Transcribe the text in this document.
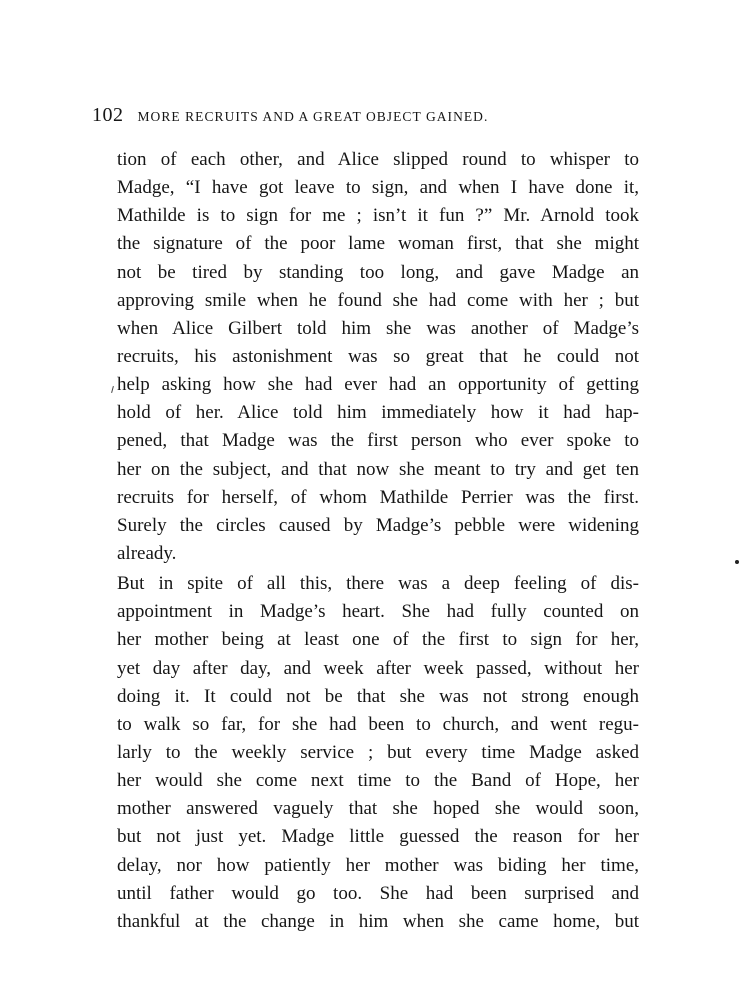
102 MORE RECRUITS AND A GREAT OBJECT GAINED.
tion of each other, and Alice slipped round to whisper to
Madge, “I have got leave to sign, and when I have done it,
Mathilde is to sign for me ; isn’t it fun ?” Mr. Arnold took
the signature of the poor lame woman first, that she might
not be tired by standing too long, and gave Madge an
approving smile when he found she had come with her ; but
when Alice Gilbert told him she was another of Madge’s
recruits, his astonishment was so great that he could not
help asking how she had ever had an opportunity of getting
hold of her. Alice told him immediately how it had hap-
pened, that Madge was the first person who ever spoke to
her on the subject, and that now she meant to try and get ten
recruits for herself, of whom Mathilde Perrier was the first.
Surely the circles caused by Madge’s pebble were widening
already.
But in spite of all this, there was a deep feeling of dis-
appointment in Madge’s heart. She had fully counted on
her mother being at least one of the first to sign for her,
yet day after day, and week after week passed, without her
doing it. It could not be that she was not strong enough
to walk so far, for she had been to church, and went regu-
larly to the weekly service ; but every time Madge asked
her would she come next time to the Band of Hope, her
mother answered vaguely that she hoped she would soon,
but not just yet. Madge little guessed the reason for her
delay, nor how patiently her mother was biding her time,
until father would go too. She had been surprised and
thankful at the change in him when she came home, but
